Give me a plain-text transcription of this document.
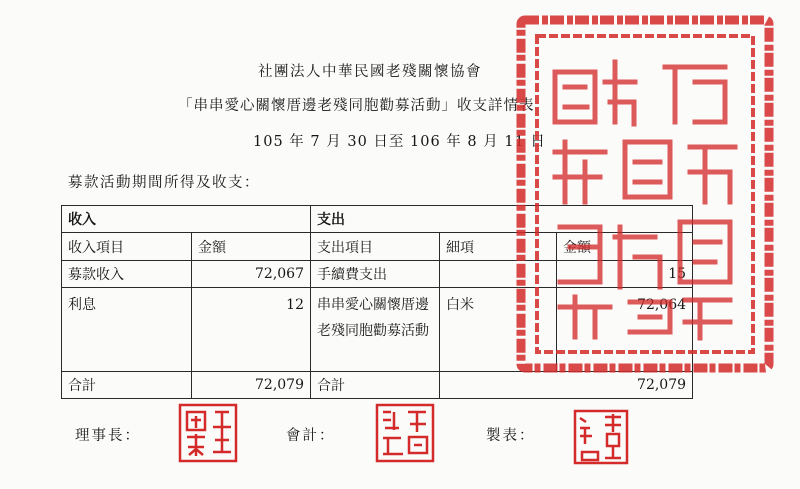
社團法人中華民國老殘關懷協會
「串串愛心關懷厝邊老殘同胞勸募活動」收支詳情表
105 年 7 月 30 日至 106 年 8 月 11 日
募款活動期間所得及收支：
收入		支出		
收入項目	金額	支出項目	細項	金額
募款收入	72,067	手續費支出		15
利息	12	串串愛心關懷厝邊老殘同胞勸募活動	白米	72,064
合計	72,079	合計	72,079	
理事長：	會計：	製表：
